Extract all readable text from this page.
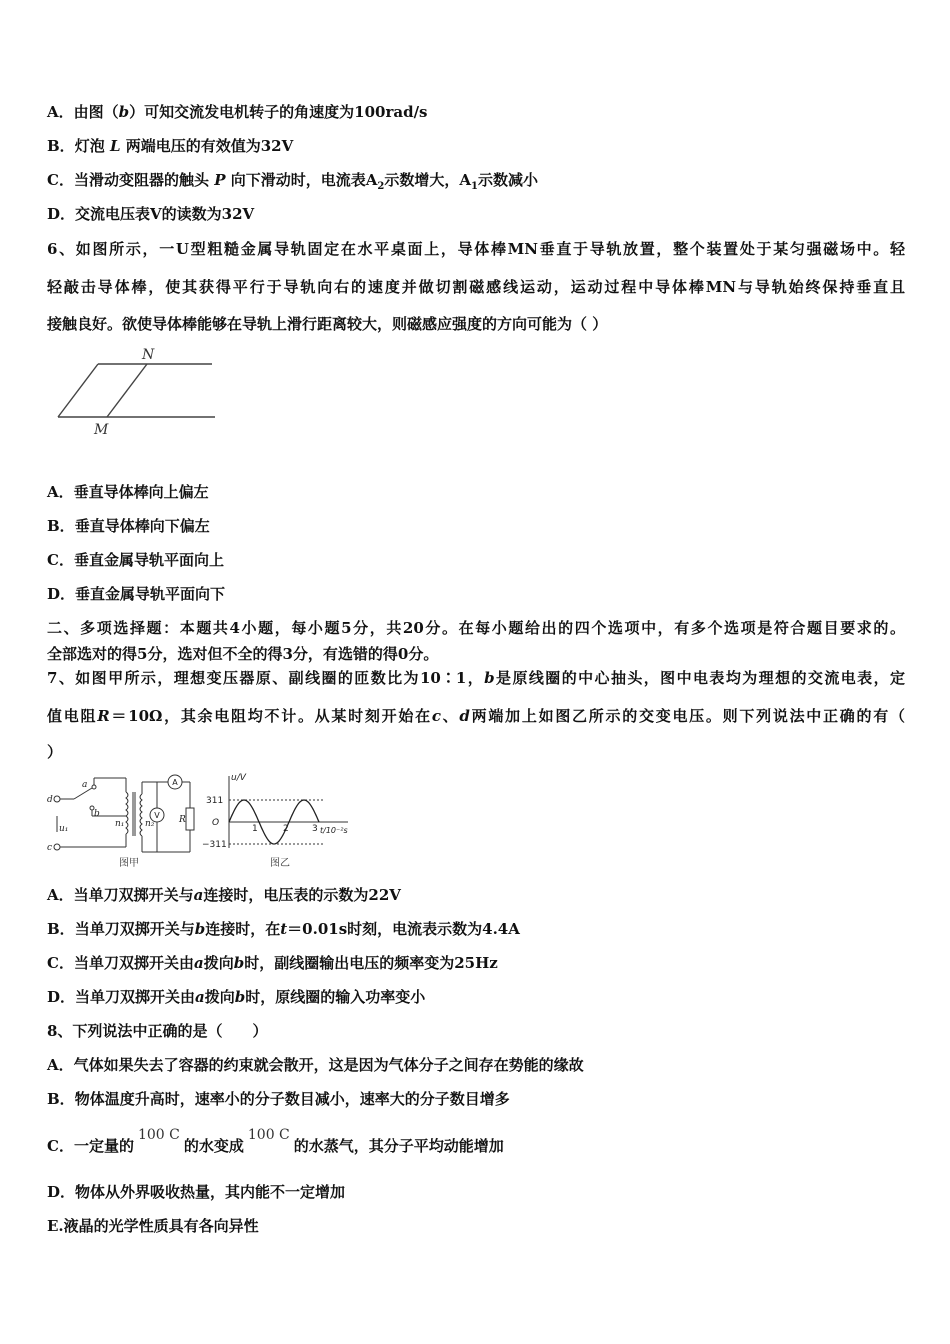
A．由图（b）可知交流发电机转子的角速度为100rad/s
B．灯泡 L 两端电压的有效值为32V
C．当滑动变阻器的触头 P 向下滑动时，电流表$A_2$示数增大，$A_1$示数减小
D．交流电压表V的读数为32V
6、如图所示，一U型粗糙金属导轨固定在水平桌面上，导体棒MN垂直于导轨放置，整个装置处于某匀强磁场中。轻
轻敲击导体棒，使其获得平行于导轨向右的速度并做切割磁感线运动，运动过程中导体棒MN与导轨始终保持垂直且
接触良好。欲使导体棒能够在导轨上滑行距离较大，则磁感应强度的方向可能为（ ）
N
M
A．垂直导体棒向上偏左
B．垂直导体棒向下偏左
C．垂直金属导轨平面向上
D．垂直金属导轨平面向下
二、多项选择题：本题共4小题，每小题5分，共20分。在每小题给出的四个选项中，有多个选项是符合题目要求的。
全部选对的得5分，选对但不全的得3分，有选错的得0分。
7、如图甲所示，理想变压器原、副线圈的匝数比为10∶1，b是原线圈的中心抽头，图中电表均为理想的交流电表，定
值电阻R＝10Ω，其余电阻均不计。从某时刻开始在c、d两端加上如图乙所示的交变电压。则下列说法中正确的有（
）
d
c
a
b
u₁	n₁ n₂	R
A
V
图甲
u/V
311
O
−311
1	2	3 t/10⁻²s
图乙
A．当单刀双掷开关与a连接时，电压表的示数为22V
B．当单刀双掷开关与b连接时，在t＝0.01s时刻，电流表示数为4.4A
C．当单刀双掷开关由a拨向b时，副线圈输出电压的频率变为25Hz
D．当单刀双掷开关由a拨向b时，原线圈的输入功率变小
8、下列说法中正确的是（　　）
A．气体如果失去了容器的约束就会散开，这是因为气体分子之间存在势能的缘故
B．物体温度升高时，速率小的分子数目减小，速率大的分子数目增多
C．一定量的100 C的水变成100 C的水蒸气，其分子平均动能增加
D．物体从外界吸收热量，其内能不一定增加
E.液晶的光学性质具有各向异性
